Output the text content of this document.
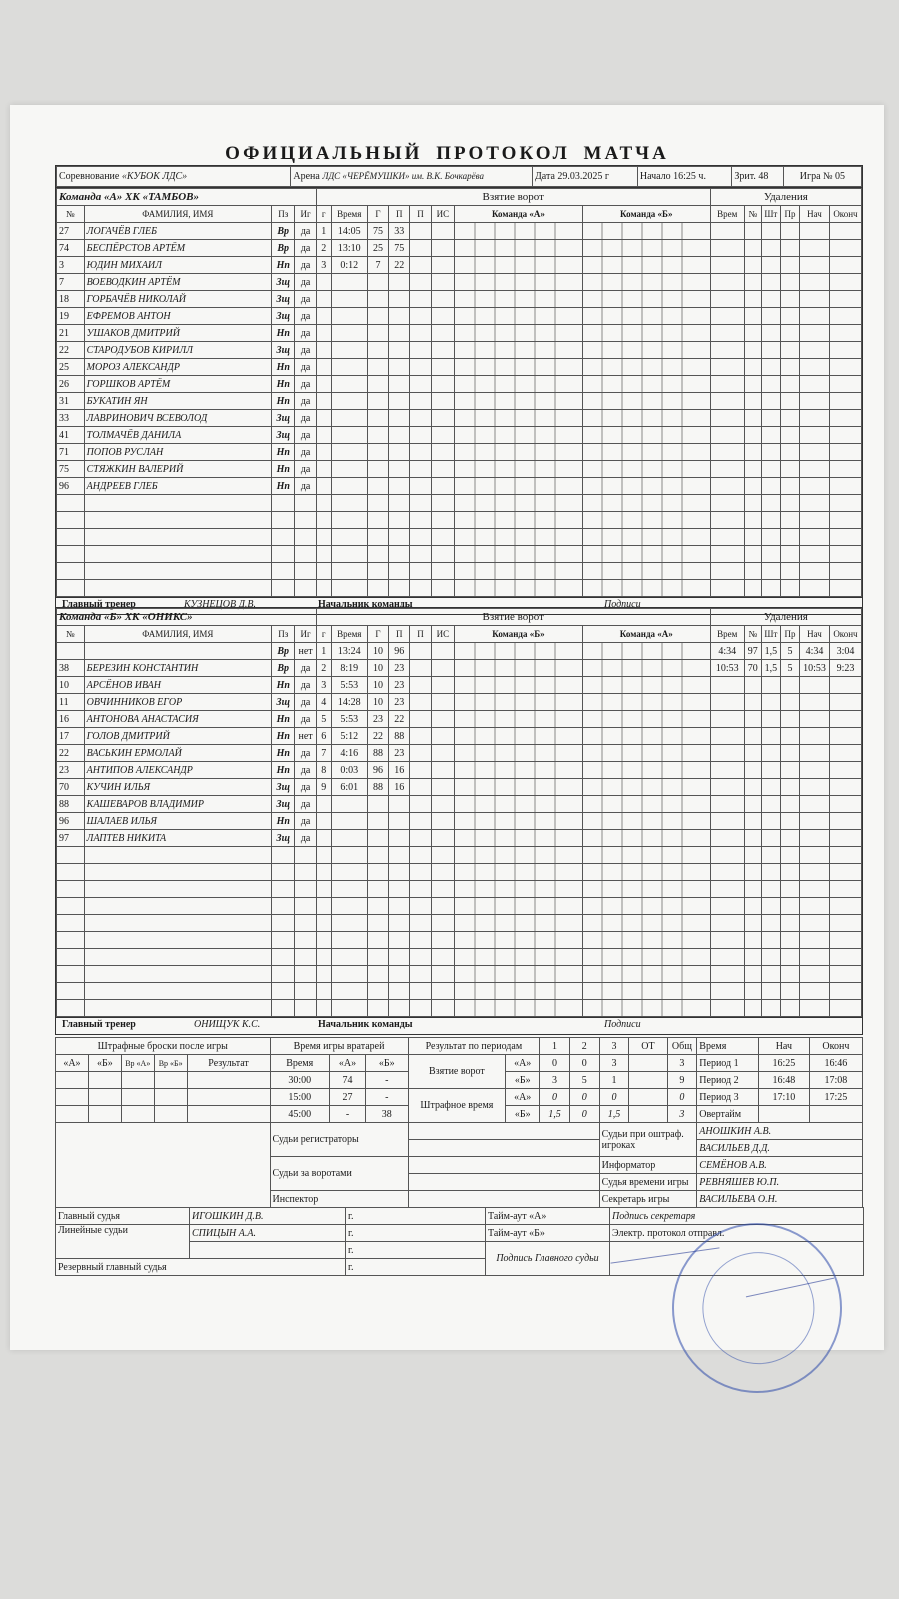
ОФИЦИАЛЬНЫЙ ПРОТОКОЛ МАТЧА
Соревнование «КУБОК ЛДС»	Арена ЛДС «ЧЕРЁМУШКИ» им. В.К. Бочкарёва	Дата 29.03.2025 г	Начало 16:25 ч.	Зрит. 48	Игра № 05
Команда «А» ХК «ТАМБОВ»				Взятие ворот								Удаления					
№	ФАМИЛИЯ, ИМЯ	Пз	Иг	г	Время	Г	П	П	ИС	Команда «А»	Команда «Б»	Врем	№	Шт	Пр	Нач	Оконч
27	ЛОГАЧЁВ ГЛЕБ	Вр	да	1	14:05	75	33										
74	БЕСПЁРСТОВ АРТЁМ	Вр	да	2	13:10	25	75										
3	ЮДИН МИХАИЛ	Нп	да	3	0:12	7	22										
7	ВОЕВОДКИН АРТЁМ	Зщ	да														
18	ГОРБАЧЁВ НИКОЛАЙ	Зщ	да														
19	ЕФРЕМОВ АНТОН	Зщ	да														
21	УШАКОВ ДМИТРИЙ	Нп	да														
22	СТАРОДУБОВ КИРИЛЛ	Зщ	да														
25	МОРОЗ АЛЕКСАНДР	Нп	да														
26	ГОРШКОВ АРТЁМ	Нп	да														
31	БУКАТИН ЯН	Нп	да														
33	ЛАВРИНОВИЧ ВСЕВОЛОД	Зщ	да														
41	ТОЛМАЧЁВ ДАНИЛА	Зщ	да														
71	ПОПОВ РУСЛАН	Нп	да														
75	СТЯЖКИН ВАЛЕРИЙ	Нп	да														
96	АНДРЕЕВ ГЛЕБ	Нп	да														

Главный тренер	КУЗНЕЦОВ Д.В.	Начальник команды	Подписи
Команда «Б» ХК «ОНИКС»				Взятие ворот								Удаления					
№	ФАМИЛИЯ, ИМЯ	Пз	Иг	г	Время	Г	П	П	ИС	Команда «Б»	Команда «А»	Врем	№	Шт	Пр	Нач	Оконч
		Вр	нет	1	13:24	10	96					4:34	97	1,5	5	4:34	3:04
38	БЕРЕЗИН КОНСТАНТИН	Вр	да	2	8:19	10	23					10:53	70	1,5	5	10:53	9:23
10	АРСЁНОВ ИВАН	Нп	да	3	5:53	10	23										
11	ОВЧИННИКОВ ЕГОР	Зщ	да	4	14:28	10	23										
16	АНТОНОВА АНАСТАСИЯ	Нп	да	5	5:53	23	22										
17	ГОЛОВ ДМИТРИЙ	Нп	нет	6	5:12	22	88										
22	ВАСЬКИН ЕРМОЛАЙ	Нп	да	7	4:16	88	23										
23	АНТИПОВ АЛЕКСАНДР	Нп	да	8	0:03	96	16										
70	КУЧИН ИЛЬЯ	Зщ	да	9	6:01	88	16										
88	КАШЕВАРОВ ВЛАДИМИР	Зщ	да														
96	ШАЛАЕВ ИЛЬЯ	Нп	да														
97	ЛАПТЕВ НИКИТА	Зщ	да														

Главный тренер	ОНИЩУК К.С.	Начальник команды	Подписи
Штрафные броски после игры					Время игры вратарей			Результат по периодам		1	2	3	ОТ	Общ	Время	Нач	Оконч
«А»	«Б»	Вр «А»	Вр «Б»	Результат	Время	«А»	«Б»	Взятие ворот	«А»	0	0	3		3	Период 1	16:25	16:46
					30:00	74	-		«Б»	3	5	1		9	Период 2	16:48	17:08
					15:00	27	-	Штрафное время	«А»	0	0	0		0	Период 3	17:10	17:25
					45:00	-	38		«Б»	1,5	0	1,5		3	Овертайм		
					Судьи регистраторы							Судьи при оштраф. игроках			АНОШКИН А.В.		
															ВАСИЛЬЕВ Д.Д.		
					Судьи за воротами							Информатор			СЕМЁНОВ А.В.		
												Судья времени игры			РЕВНЯШЕВ Ю.П.		
					Инспектор							Секретарь игры			ВАСИЛЬЕВА О.Н.		
Главный судья	ИГОШКИН Д.В.	г.	Тайм-аут «А»	Подпись секретаря
Линейные судьи	СПИЦЫН А.А.	г.	Тайм-аут «Б»	Электр. протокол отправл.
		г.	Подпись Главного судьи	
Резервный главный судья		г.		
